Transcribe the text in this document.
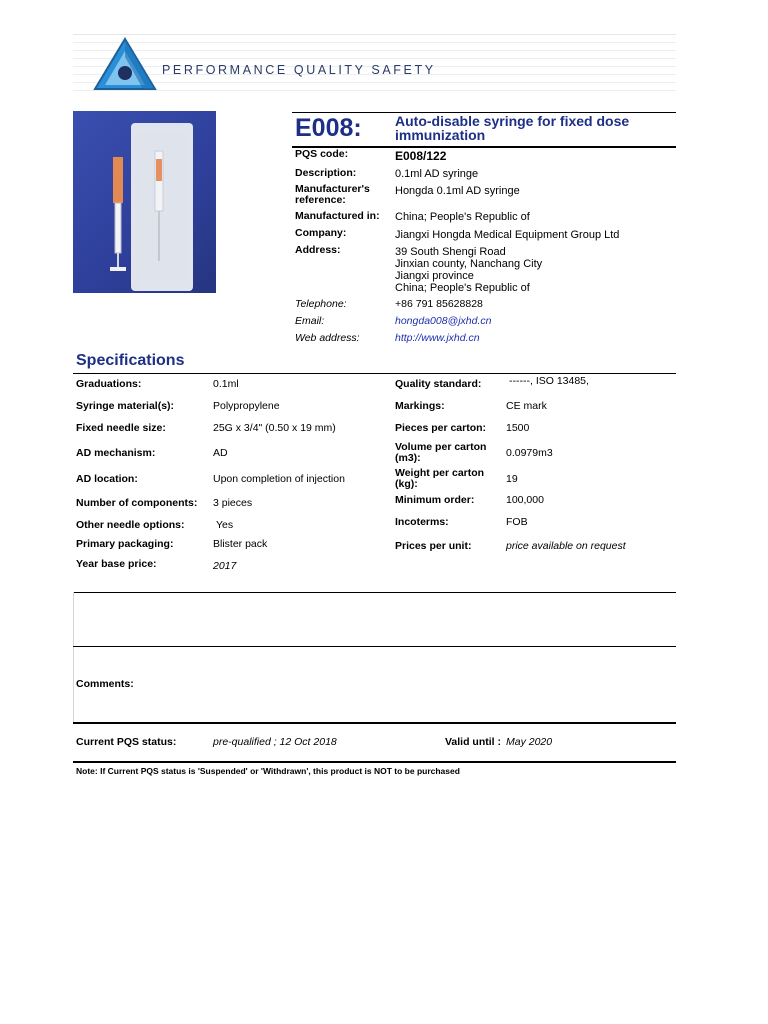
PERFORMANCE QUALITY SAFETY
E008: Auto-disable syringe for fixed dose immunization
PQS code:	E008/122
Description:	0.1ml AD syringe
Manufacturer's reference:
Hongda 0.1ml AD syringe
Manufactured in: China; People's Republic of
Company:	Jiangxi Hongda Medical Equipment Group Ltd
Address:	39 South Shengi Road
Jinxian county, Nanchang City
Jiangxi province
China; People's Republic of
Telephone:	+86 791 85628828
Email:	hongda008@jxhd.cn
Web address:	http://www.jxhd.cn
Specifications
Graduations:	0.1ml
Syringe material(s):	Polypropylene
Fixed needle size:	25G x 3/4" (0.50 x 19 mm)
AD mechanism:	AD
AD location:	Upon completion of injection
Number of components: 3 pieces
Other needle options:	Yes
Primary packaging:	Blister pack
Year base price:	2017
Quality standard:	------, ISO 13485,
Markings:	CE mark
Pieces per carton: 1500
Volume per carton (m3):	0.0979m3
Weight per carton (kg):	19
Minimum order:	100,000
Incoterms:	FOB
Prices per unit:	price available on request
Comments:
Current PQS status:	pre-qualified ; 12 Oct 2018	Valid until : May 2020
Note: If Current PQS status is 'Suspended' or 'Withdrawn', this product is NOT to be purchased
